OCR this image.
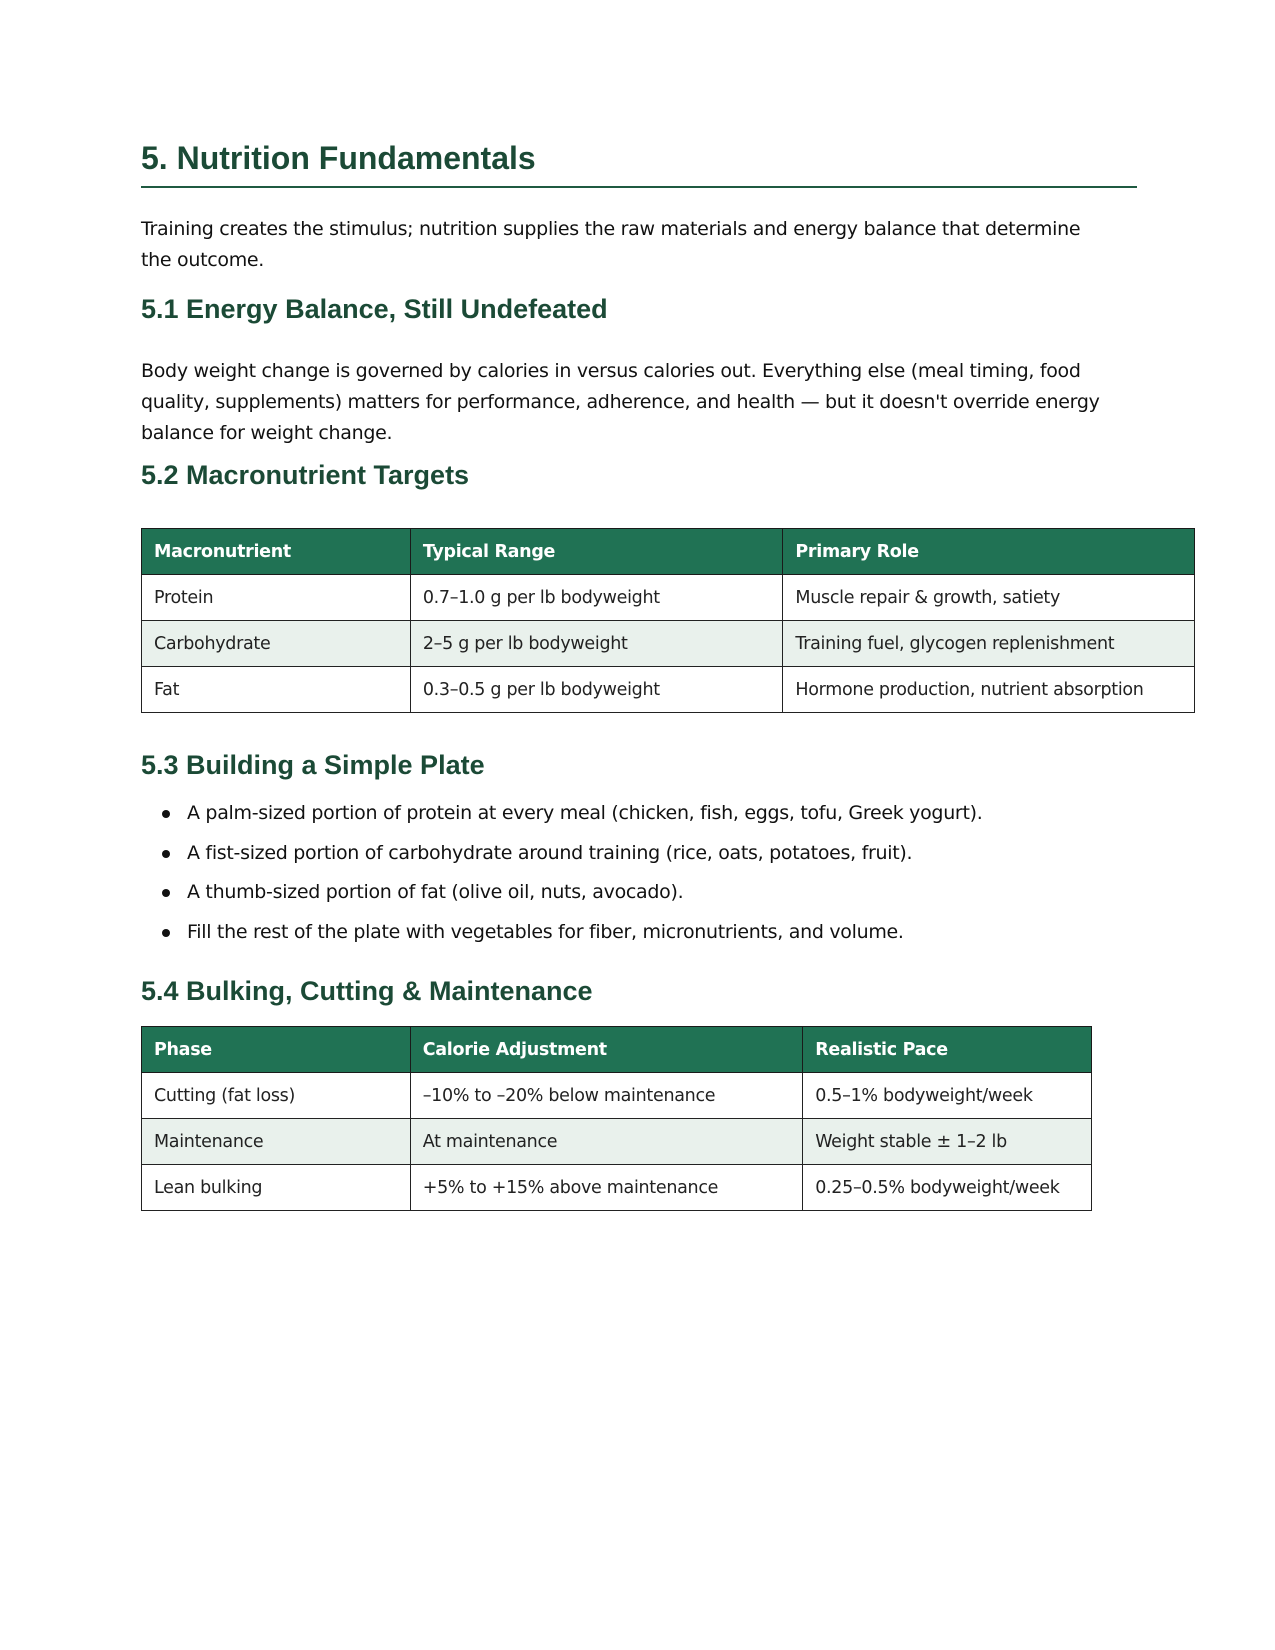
5. Nutrition Fundamentals

Training creates the stimulus; nutrition supplies the raw materials and energy balance that determine the outcome.

5.1 Energy Balance, Still Undefeated

Body weight change is governed by calories in versus calories out. Everything else (meal timing, food quality, supplements) matters for performance, adherence, and health — but it doesn't override energy balance for weight change.

5.2 Macronutrient Targets
Macronutrient	Typical Range	Primary Role
Protein	0.7–1.0 g per lb bodyweight	Muscle repair & growth, satiety
Carbohydrate	2–5 g per lb bodyweight	Training fuel, glycogen replenishment
Fat	0.3–0.5 g per lb bodyweight	Hormone production, nutrient absorption
5.3 Building a Simple Plate
A palm-sized portion of protein at every meal (chicken, fish, eggs, tofu, Greek yogurt).
A fist-sized portion of carbohydrate around training (rice, oats, potatoes, fruit).
A thumb-sized portion of fat (olive oil, nuts, avocado).
Fill the rest of the plate with vegetables for fiber, micronutrients, and volume.
5.4 Bulking, Cutting & Maintenance
Phase	Calorie Adjustment	Realistic Pace
Cutting (fat loss)	–10% to –20% below maintenance	0.5–1% bodyweight/week
Maintenance	At maintenance	Weight stable ± 1–2 lb
Lean bulking	+5% to +15% above maintenance	0.25–0.5% bodyweight/week
